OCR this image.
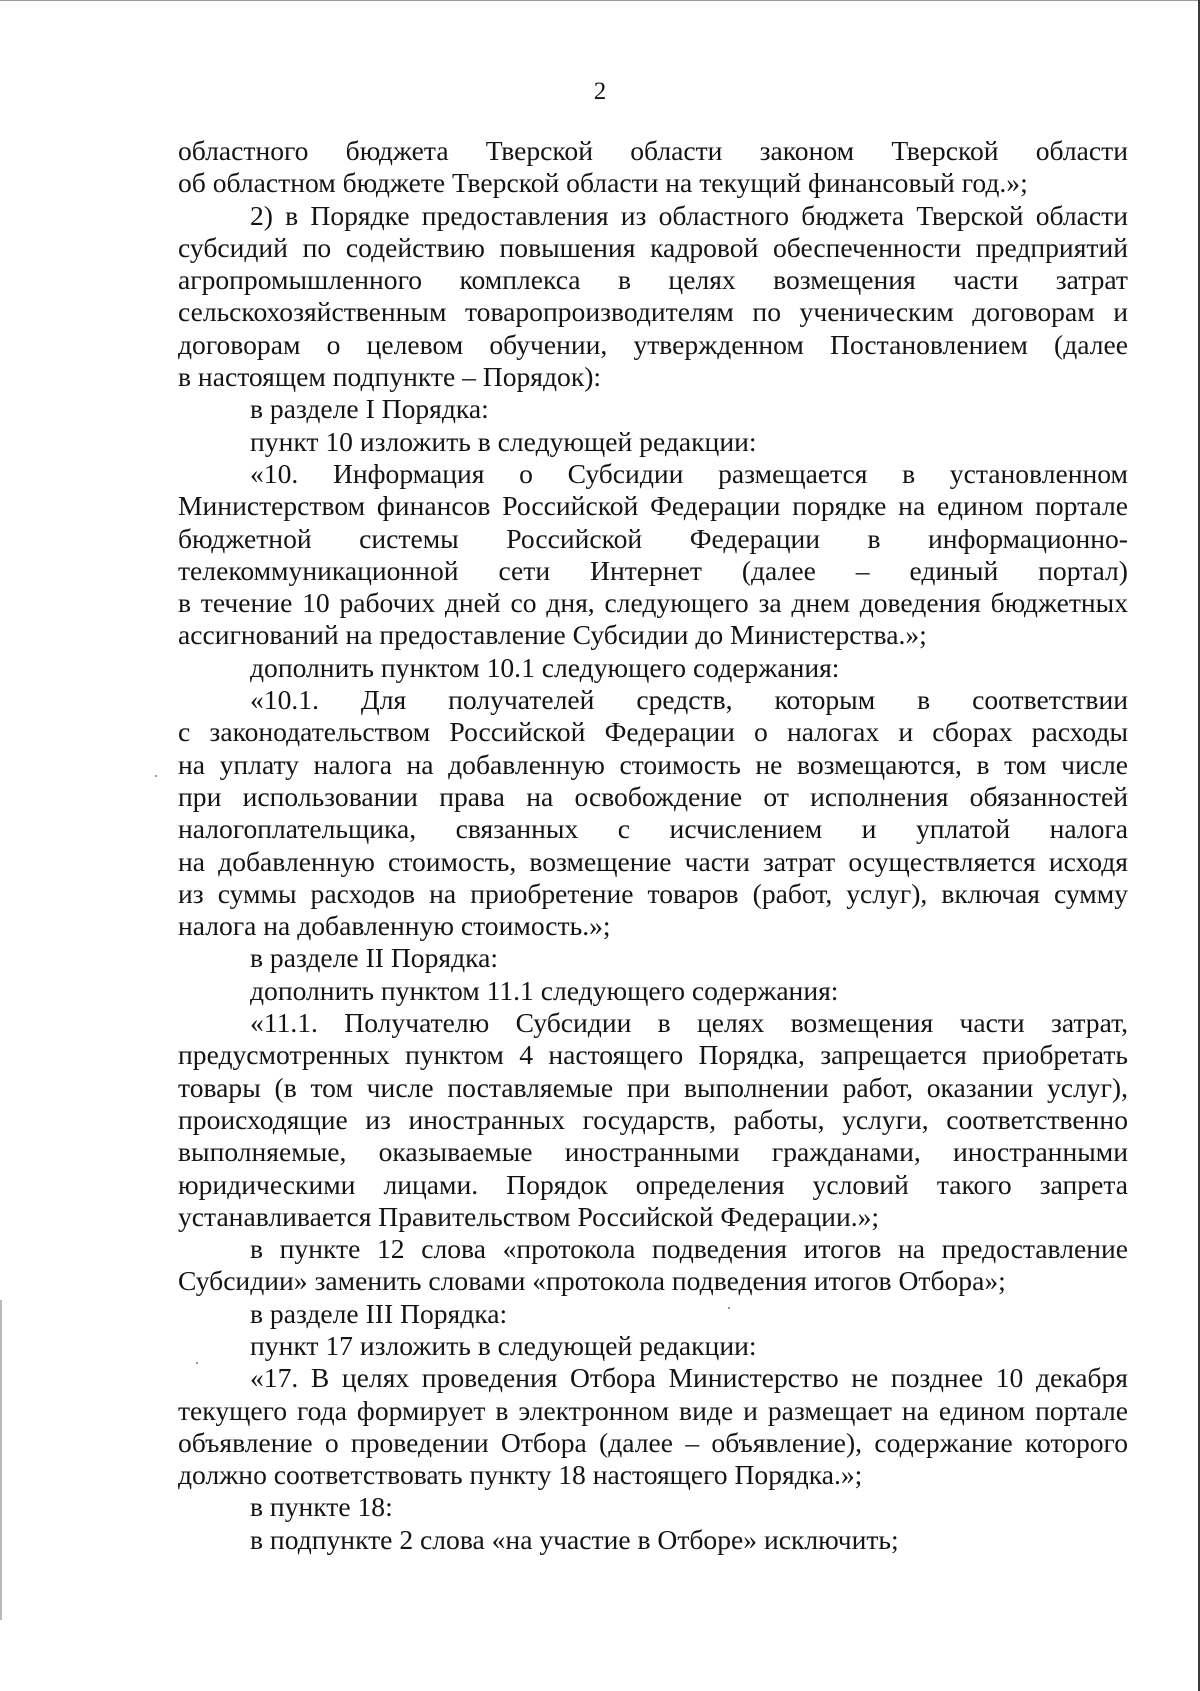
2
областного бюджета Тверской области законом Тверской области
об областном бюджете Тверской области на текущий финансовый год.»;
2) в Порядке предоставления из областного бюджета Тверской области
субсидий по содействию повышения кадровой обеспеченности предприятий
агропромышленного комплекса в целях возмещения части затрат
сельскохозяйственным товаропроизводителям по ученическим договорам и
договорам о целевом обучении, утвержденном Постановлением (далее
в настоящем подпункте – Порядок):
в разделе I Порядка:
пункт 10 изложить в следующей редакции:
«10. Информация о Субсидии размещается в установленном
Министерством финансов Российской Федерации порядке на едином портале
бюджетной системы Российской Федерации в информационно-
телекоммуникационной сети Интернет (далее – единый портал)
в течение 10 рабочих дней со дня, следующего за днем доведения бюджетных
ассигнований на предоставление Субсидии до Министерства.»;
дополнить пунктом 10.1 следующего содержания:
«10.1. Для получателей средств, которым в соответствии
с законодательством Российской Федерации о налогах и сборах расходы
на уплату налога на добавленную стоимость не возмещаются, в том числе
при использовании права на освобождение от исполнения обязанностей
налогоплательщика, связанных с исчислением и уплатой налога
на добавленную стоимость, возмещение части затрат осуществляется исходя
из суммы расходов на приобретение товаров (работ, услуг), включая сумму
налога на добавленную стоимость.»;
в разделе II Порядка:
дополнить пунктом 11.1 следующего содержания:
«11.1. Получателю Субсидии в целях возмещения части затрат,
предусмотренных пунктом 4 настоящего Порядка, запрещается приобретать
товары (в том числе поставляемые при выполнении работ, оказании услуг),
происходящие из иностранных государств, работы, услуги, соответственно
выполняемые, оказываемые иностранными гражданами, иностранными
юридическими лицами. Порядок определения условий такого запрета
устанавливается Правительством Российской Федерации.»;
в пункте 12 слова «протокола подведения итогов на предоставление
Субсидии» заменить словами «протокола подведения итогов Отбора»;
в разделе III Порядка:
пункт 17 изложить в следующей редакции:
«17. В целях проведения Отбора Министерство не позднее 10 декабря
текущего года формирует в электронном виде и размещает на едином портале
объявление о проведении Отбора (далее – объявление), содержание которого
должно соответствовать пункту 18 настоящего Порядка.»;
в пункте 18:
в подпункте 2 слова «на участие в Отборе» исключить;
